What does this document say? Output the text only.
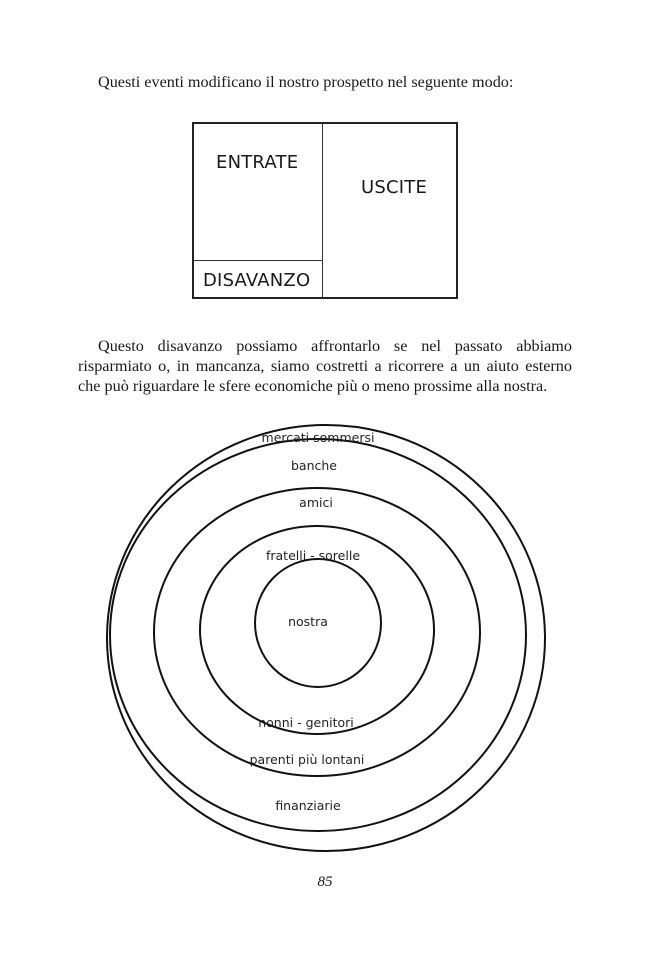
Questi eventi modificano il nostro prospetto nel seguente modo:

ENTRATE
USCITE
DISAVANZO

Questo disavanzo possiamo affrontarlo se nel passato abbiamo risparmiato o, in mancanza, siamo costretti a ricorrere a un aiuto esterno che può riguardare le sfere economiche più o meno prossime alla nostra.

mercati sommersi
banche
amici
fratelli - sorelle
nostra
nonni - genitori
parenti più lontani
finanziarie
85
